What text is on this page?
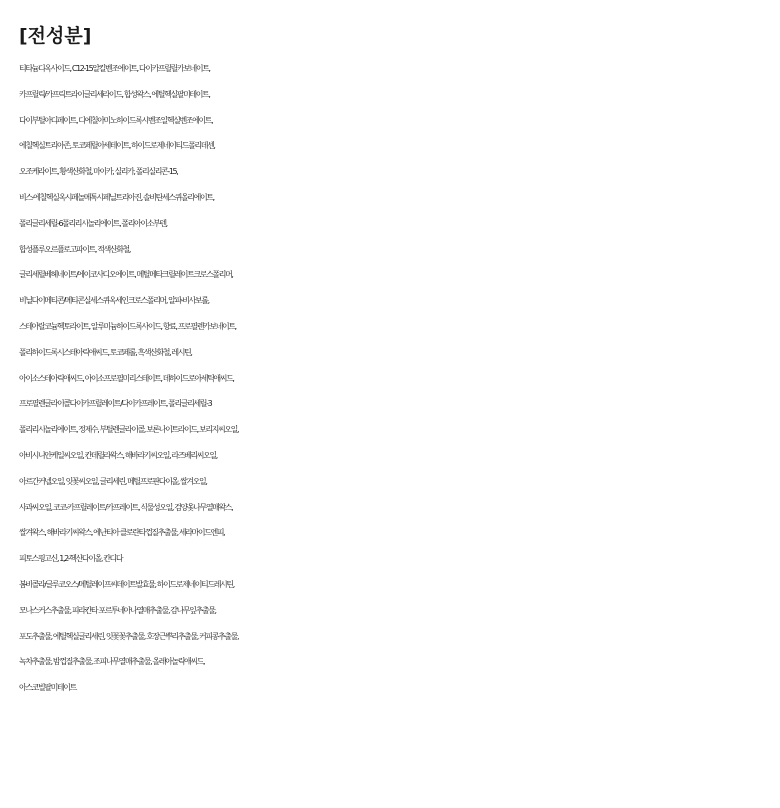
[전성분]
티타늄디옥사이드, C12-15알킬벤조에이트, 다이카프릴릴카보네이트,
카프릴릭/카프릭트라이글리세라이드, 합성왁스, 에틸헥실팔미테이트,
다이부틸아디페이트, 디에칠아미노하이드록시벤조일헥실벤조에이트,
에칠헥실트리아존, 토코페릴아세테이트, 하이드로제네이티드폴리데센,
오조케라이트, 황색산화철, 마이카, 실리카, 폴리실리콘-15,
비스-에칠헥실옥시페놀메톡시페닐트리아진, 솔비탄세스퀴올리에이트,
폴리글리세릴-6폴리리시놀리에이트, 폴리아이소부텐,
합성플루오르플로고파이트, 적색산화철,
글리세릴베헤네이트/에이코사디오에이트, 메틸메타크릴레이트크로스폴리머,
비닐다이메티콘/메티콘실세스퀴옥세인크로스폴리머, 알파-비사보롤,
스테아랄코늄헥토라이트, 알루미늄하이드록사이드, 향료, 프로필렌카보네이트,
폴리하이드록시스테아릭애씨드, 토코페롤, 흑색산화철, 레시틴,
아이소스테아릭애씨드, 아이소프로필미리스테이트, 데하이드로아세틱애씨드,
프로필렌글라이콜다이카프릴레이트/다이카프레이트, 폴리글리세릴-3
폴리리시놀리에이트, 정제수, 부틸렌글라이콜, 보론나이트라이드, 보리지씨오일,
아비시니안케일씨오일, 칸데릴라왁스, 해바라기씨오일, 라즈베리씨오일,
아르간커넬오일, 잇꽃씨오일, 글리세린, 메틸프로판다이올, 쌀겨오일,
사과씨오일, 코코-카프릴레이트/카프레이트, 식물성오일, 검양옻나무열매왁스,
쌀겨왁스, 해바라기씨왁스, 에난티아 클로란타껍질추출물, 세라마이드엔피,
피토스핑고신, 1,2-헥산다이올, 칸디다
봄비콜라/글루코오스/메틸레이프씨데이트발효물, 하이드로제네이티드레시틴,
모나스커스추출물, 피라칸타 포르투네아나열매추출물, 감나무잎추출물,
포도추출물, 에틸헥실글리세린, 잇꽃꽃추출물, 호장근뿌리추출물, 커피콩추출물,
녹차추출물, 밤껍질추출물, 조피나무열매추출물, 올레아놀릭애씨드,
아스코빌팔미테이트
